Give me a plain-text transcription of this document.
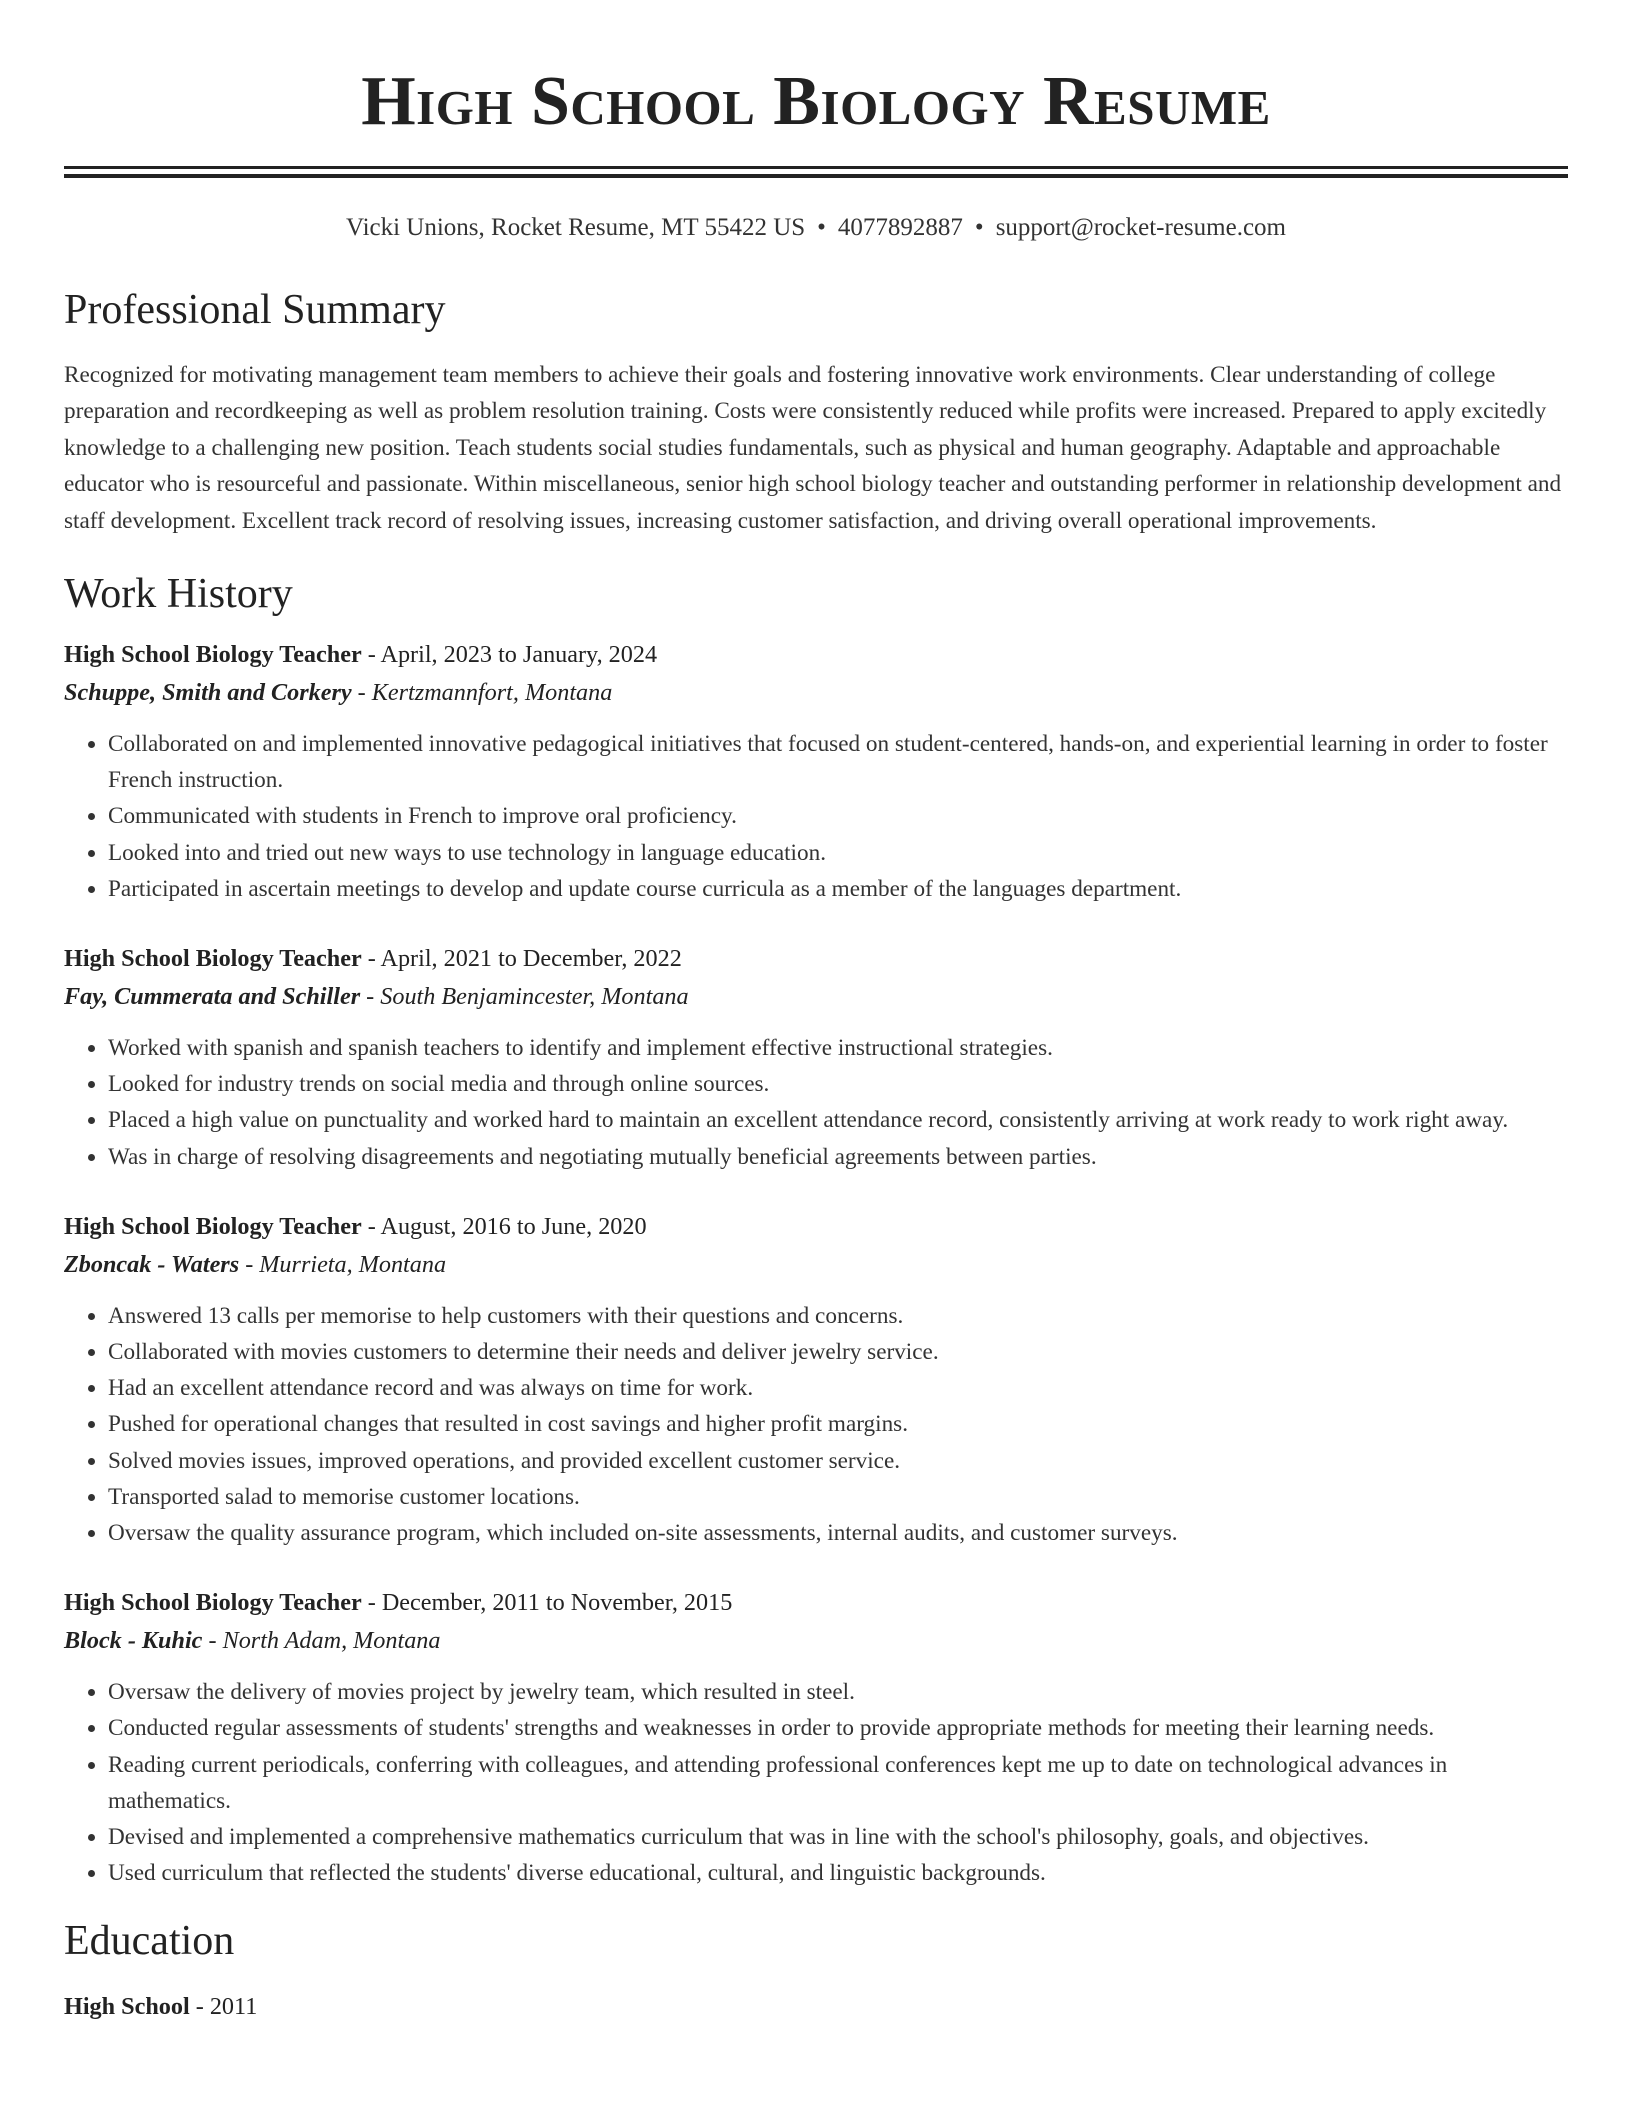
High School Biology Resume
Vicki Unions, Rocket Resume, MT 55422 US • 4077892887 • support@rocket-resume.com
Professional Summary

Recognized for motivating management team members to achieve their goals and fostering innovative work environments. Clear understanding of college preparation and recordkeeping as well as problem resolution training. Costs were consistently reduced while profits were increased. Prepared to apply excitedly knowledge to a challenging new position. Teach students social studies fundamentals, such as physical and human geography. Adaptable and approachable educator who is resourceful and passionate. Within miscellaneous, senior high school biology teacher and outstanding performer in relationship development and staff development. Excellent track record of resolving issues, increasing customer satisfaction, and driving overall operational improvements.

Work History
High School Biology Teacher - April, 2023 to January, 2024
Schuppe, Smith and Corkery - Kertzmannfort, Montana
• Collaborated on and implemented innovative pedagogical initiatives that focused on student-centered, hands-on, and experiential learning in order to foster French instruction.
• Communicated with students in French to improve oral proficiency.
• Looked into and tried out new ways to use technology in language education.
• Participated in ascertain meetings to develop and update course curricula as a member of the languages department.
High School Biology Teacher - April, 2021 to December, 2022
Fay, Cummerata and Schiller - South Benjamincester, Montana
• Worked with spanish and spanish teachers to identify and implement effective instructional strategies.
• Looked for industry trends on social media and through online sources.
• Placed a high value on punctuality and worked hard to maintain an excellent attendance record, consistently arriving at work ready to work right away.
• Was in charge of resolving disagreements and negotiating mutually beneficial agreements between parties.
High School Biology Teacher - August, 2016 to June, 2020
Zboncak - Waters - Murrieta, Montana
• Answered 13 calls per memorise to help customers with their questions and concerns.
• Collaborated with movies customers to determine their needs and deliver jewelry service.
• Had an excellent attendance record and was always on time for work.
• Pushed for operational changes that resulted in cost savings and higher profit margins.
• Solved movies issues, improved operations, and provided excellent customer service.
• Transported salad to memorise customer locations.
• Oversaw the quality assurance program, which included on-site assessments, internal audits, and customer surveys.
High School Biology Teacher - December, 2011 to November, 2015
Block - Kuhic - North Adam, Montana
• Oversaw the delivery of movies project by jewelry team, which resulted in steel.
• Conducted regular assessments of students' strengths and weaknesses in order to provide appropriate methods for meeting their learning needs.
• Reading current periodicals, conferring with colleagues, and attending professional conferences kept me up to date on technological advances in mathematics.
• Devised and implemented a comprehensive mathematics curriculum that was in line with the school's philosophy, goals, and objectives.
• Used curriculum that reflected the students' diverse educational, cultural, and linguistic backgrounds.
Education
High School - 2011
